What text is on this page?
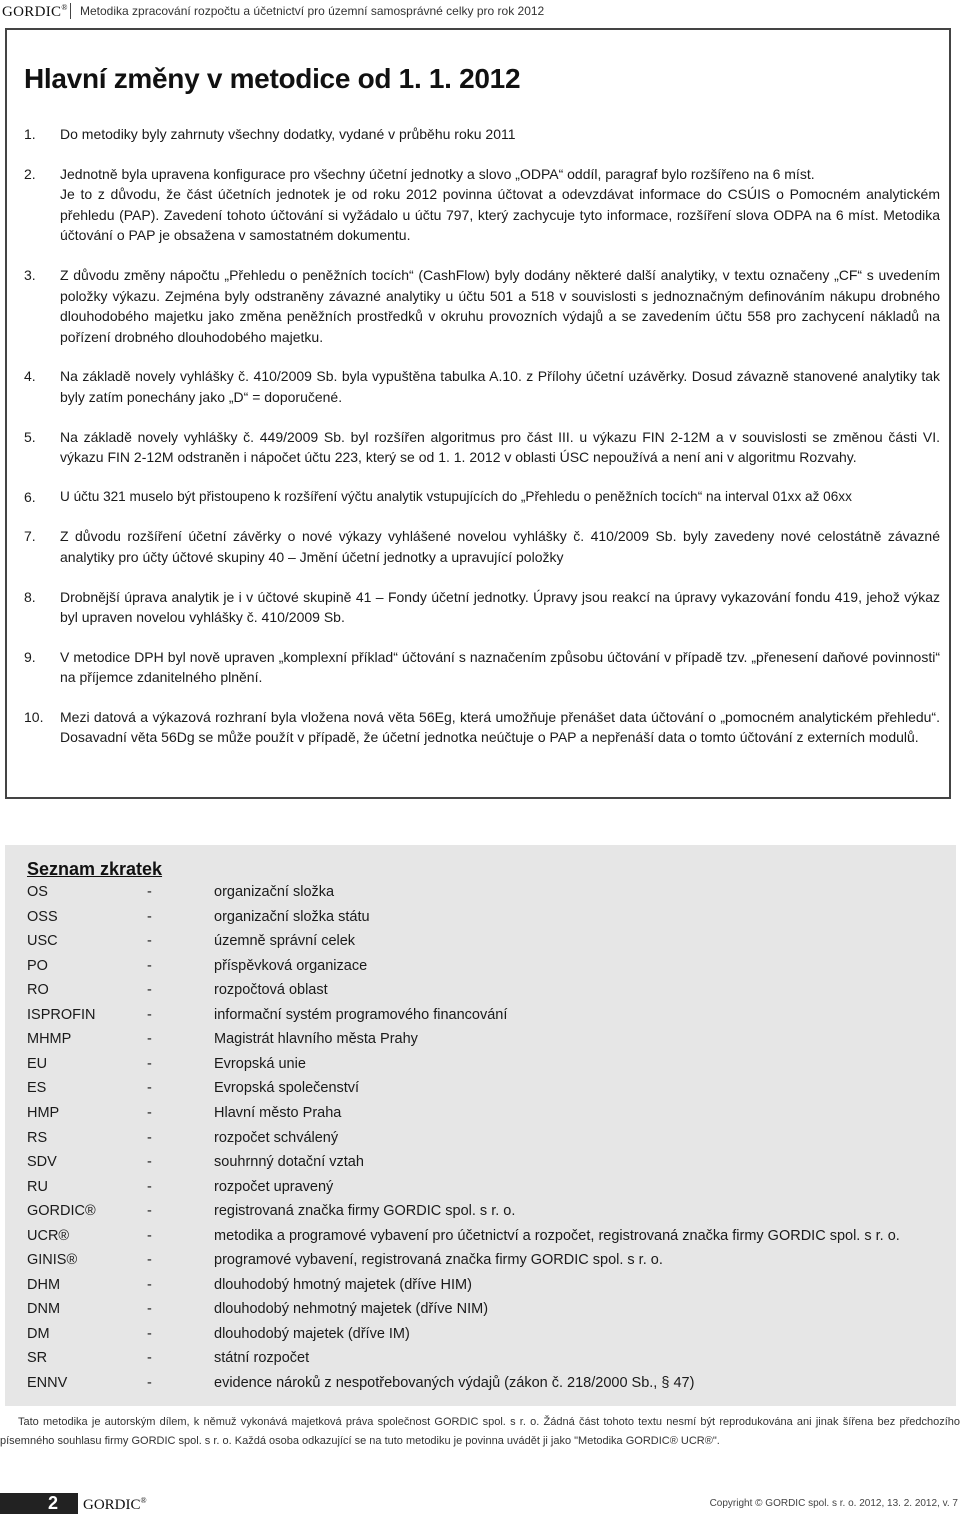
GORDIC® Metodika zpracování rozpočtu a účetnictví pro územní samosprávné celky pro rok 2012
Hlavní změny v metodice od 1. 1. 2012
1.	Do metodiky byly zahrnuty všechny dodatky, vydané v průběhu roku 2011

2.	Jednotně byla upravena konfigurace pro všechny účetní jednotky a slovo „ODPA“ oddíl, paragraf bylo rozšířeno na 6 míst.

Je to z důvodu, že část účetních jednotek je od roku 2012 povinna účtovat a odevzdávat informace do CSÚIS o Pomocném analytickém přehledu (PAP). Zavedení tohoto účtování si vyžádalo u účtu 797, který zachycuje tyto informace, rozšíření slova ODPA na 6 míst. Metodika účtování o PAP je obsažena v samostatném dokumentu.

3.	Z důvodu změny nápočtu „Přehledu o peněžních tocích“ (CashFlow) byly dodány některé další analytiky, v textu označeny „CF“ s uvedením položky výkazu. Zejména byly odstraněny závazné analytiky u účtu 501 a 518 v souvislosti s jednoznačným definováním nákupu drobného dlouhodobého majetku jako změna peněžních prostředků v okruhu provozních výdajů a se zavedením účtu 558 pro zachycení nákladů na pořízení drobného dlouhodobého majetku.

4.	Na základě novely vyhlášky č. 410/2009 Sb. byla vypuštěna tabulka A.10. z Přílohy účetní uzávěrky. Dosud závazně stanovené analytiky tak byly zatím ponechány jako „D“ = doporučené.

5.	Na základě novely vyhlášky č. 449/2009 Sb. byl rozšířen algoritmus pro část III. u výkazu FIN 2-12M a v souvislosti se změnou části VI. výkazu FIN 2-12M odstraněn i nápočet účtu 223, který se od 1. 1. 2012 v oblasti ÚSC nepoužívá a není ani v algoritmu Rozvahy.

6.	U účtu 321 muselo být přistoupeno k rozšíření výčtu analytik vstupujících do „Přehledu o peněžních tocích“ na interval 01xx až 06xx

7.	Z důvodu rozšíření účetní závěrky o nové výkazy vyhlášené novelou vyhlášky č. 410/2009 Sb. byly zavedeny nové celostátně závazné analytiky pro účty účtové skupiny 40 – Jmění účetní jednotky a upravující položky

8.	Drobnější úprava analytik je i v účtové skupině 41 – Fondy účetní jednotky. Úpravy jsou reakcí na úpravy vykazování fondu 419, jehož výkaz byl upraven novelou vyhlášky č. 410/2009 Sb.

9.	V metodice DPH byl nově upraven „komplexní příklad“ účtování s naznačením způsobu účtování v případě tzv. „přenesení daňové povinnosti“ na příjemce zdanitelného plnění.

10.	Mezi datová a výkazová rozhraní byla vložena nová věta 56Eg, která umožňuje přenášet data účtování o „pomocném analytickém přehledu“. Dosavadní věta 56Dg se může použít v případě, že účetní jednotka neúčtuje o PAP a nepřenáší data o tomto účtování z externích modulů.

Seznam zkratek
OS	-	organizační složka
OSS	-	organizační složka státu
USC	-	územně správní celek
PO	-	příspěvková organizace
RO	-	rozpočtová oblast
ISPROFIN	-	informační systém programového financování
MHMP	-	Magistrát hlavního města Prahy
EU	-	Evropská unie
ES	-	Evropská společenství
HMP	-	Hlavní město Praha
RS	-	rozpočet schválený
SDV	-	souhrnný dotační vztah
RU	-	rozpočet upravený
GORDIC®	-	registrovaná značka firmy GORDIC spol. s r. o.
UCR®	-	metodika a programové vybavení pro účetnictví a rozpočet, registrovaná značka firmy GORDIC spol. s r. o.
GINIS®	-	programové vybavení, registrovaná značka firmy GORDIC spol. s r. o.
DHM	-	dlouhodobý hmotný majetek (dříve HIM)
DNM	-	dlouhodobý nehmotný majetek (dříve NIM)
DM	-	dlouhodobý majetek (dříve IM)
SR	-	státní rozpočet
ENNV	-	evidence nároků z nespotřebovaných výdajů (zákon č. 218/2000 Sb., § 47)
Tato metodika je autorským dílem, k němuž vykonává majetková práva společnost GORDIC spol. s r. o. Žádná část tohoto textu nesmí být reprodukována ani jinak šířena bez předchozího písemného souhlasu firmy GORDIC spol. s r. o. Každá osoba odkazující se na tuto metodiku je povinna uvádět ji jako "Metodika GORDIC® UCR®".
2 GORDIC®	Copyright © GORDIC spol. s r. o. 2012, 13. 2. 2012, v. 7
